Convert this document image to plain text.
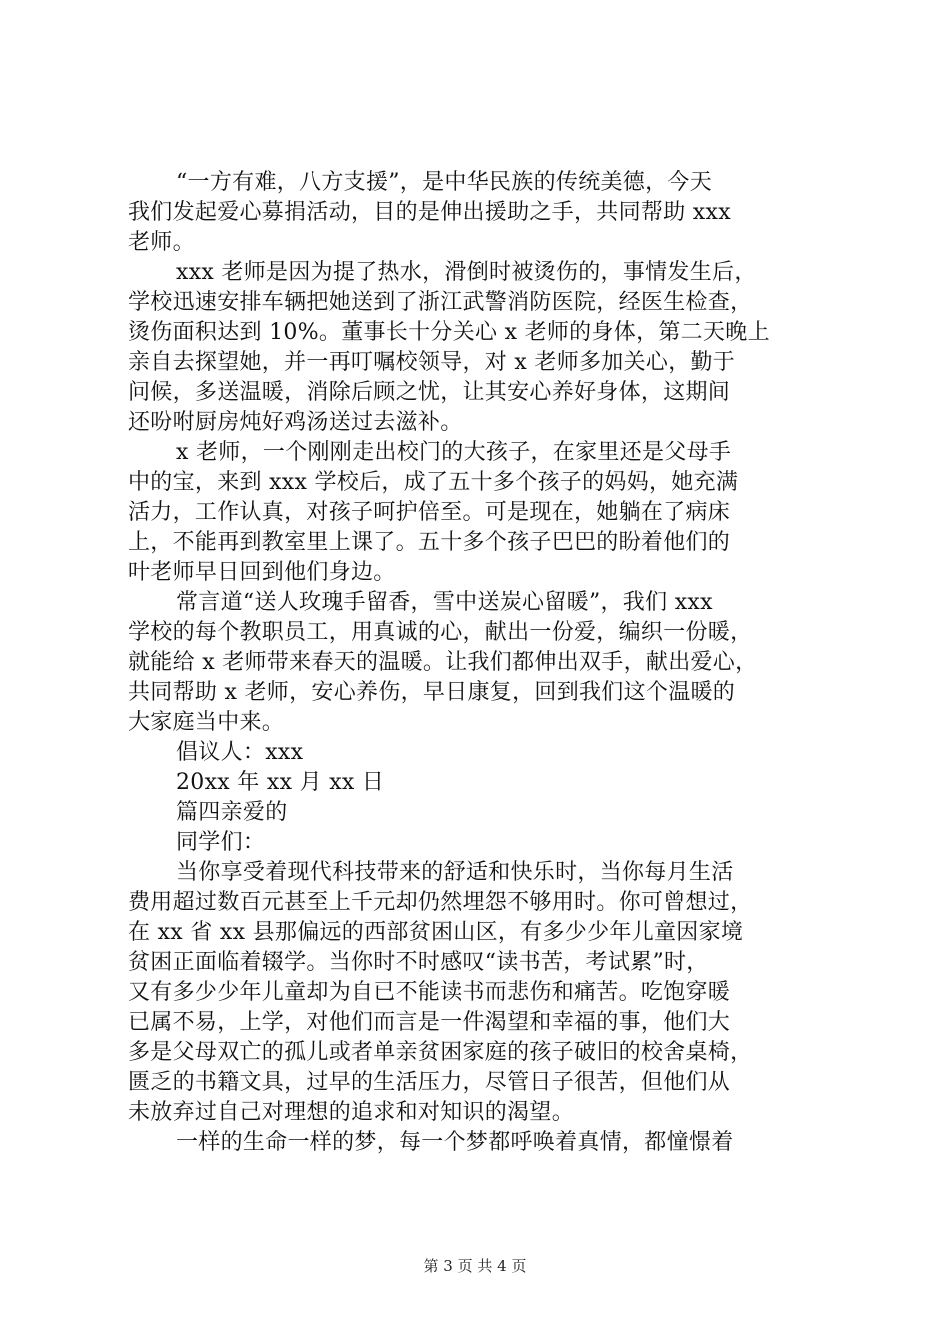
“一方有难，八方支援”，是中华民族的传统美德，今天
我们发起爱心募捐活动，目的是伸出援助之手，共同帮助 xxx
老师。
xxx 老师是因为提了热水，滑倒时被烫伤的，事情发生后，
学校迅速安排车辆把她送到了浙江武警消防医院，经医生检查，
烫伤面积达到 10%。董事长十分关心 x 老师的身体，第二天晚上
亲自去探望她，并一再叮嘱校领导，对 x 老师多加关心，勤于
问候，多送温暖，消除后顾之忧，让其安心养好身体，这期间
还吩咐厨房炖好鸡汤送过去滋补。
x 老师，一个刚刚走出校门的大孩子，在家里还是父母手
中的宝，来到 xxx 学校后，成了五十多个孩子的妈妈，她充满
活力，工作认真，对孩子呵护倍至。可是现在，她躺在了病床
上，不能再到教室里上课了。五十多个孩子巴巴的盼着他们的
叶老师早日回到他们身边。
常言道“送人玫瑰手留香，雪中送炭心留暖”，我们 xxx
学校的每个教职员工，用真诚的心，献出一份爱，编织一份暖，
就能给 x 老师带来春天的温暖。让我们都伸出双手，献出爱心，
共同帮助 x 老师，安心养伤，早日康复，回到我们这个温暖的
大家庭当中来。
倡议人：xxx
20xx 年 xx 月 xx 日
篇四亲爱的
同学们：
当你享受着现代科技带来的舒适和快乐时，当你每月生活
费用超过数百元甚至上千元却仍然埋怨不够用时。你可曾想过，
在 xx 省 xx 县那偏远的西部贫困山区，有多少少年儿童因家境
贫困正面临着辍学。当你时不时感叹“读书苦，考试累”时，
又有多少少年儿童却为自已不能读书而悲伤和痛苦。吃饱穿暖
已属不易，上学，对他们而言是一件渴望和幸福的事，他们大
多是父母双亡的孤儿或者单亲贫困家庭的孩子破旧的校舍桌椅，
匮乏的书籍文具，过早的生活压力，尽管日子很苦，但他们从
未放弃过自己对理想的追求和对知识的渴望。
一样的生命一样的梦，每一个梦都呼唤着真情，都憧憬着
第 3 页 共 4 页
